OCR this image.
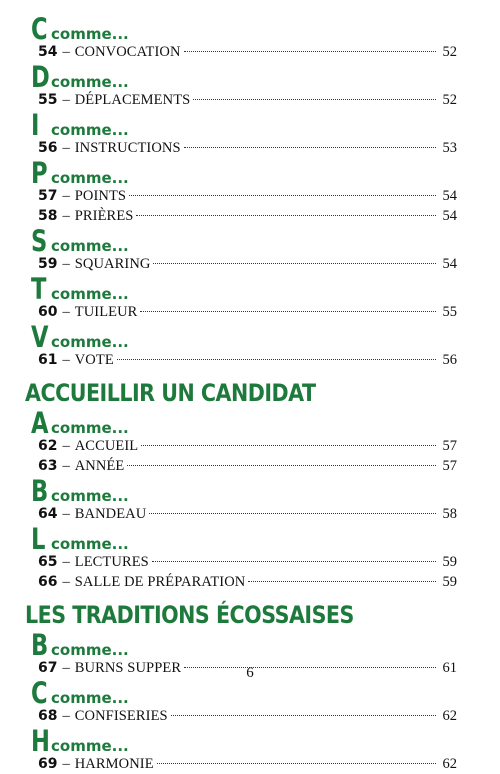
C comme...
54 – CONVOCATION	52
D comme...
55 – DÉPLACEMENTS	52
I comme...
56 – INSTRUCTIONS	53
P comme...
57 – POINTS	54
58 – PRIÈRES	54
S comme...
59 – SQUARING	54
T comme...
60 – TUILEUR	55
V comme...
61 – VOTE	56
ACCUEILLIR UN CANDIDAT
A comme...
62 – ACCUEIL	57
63 – ANNÉE	57
B comme...
64 – BANDEAU	58
L comme...
65 – LECTURES	59
66 – SALLE DE PRÉPARATION	59
LES TRADITIONS ÉCOSSAISES
B comme...
67 – BURNS SUPPER	61
C comme...
68 – CONFISERIES	62
H comme...
69 – HARMONIE	62
6
